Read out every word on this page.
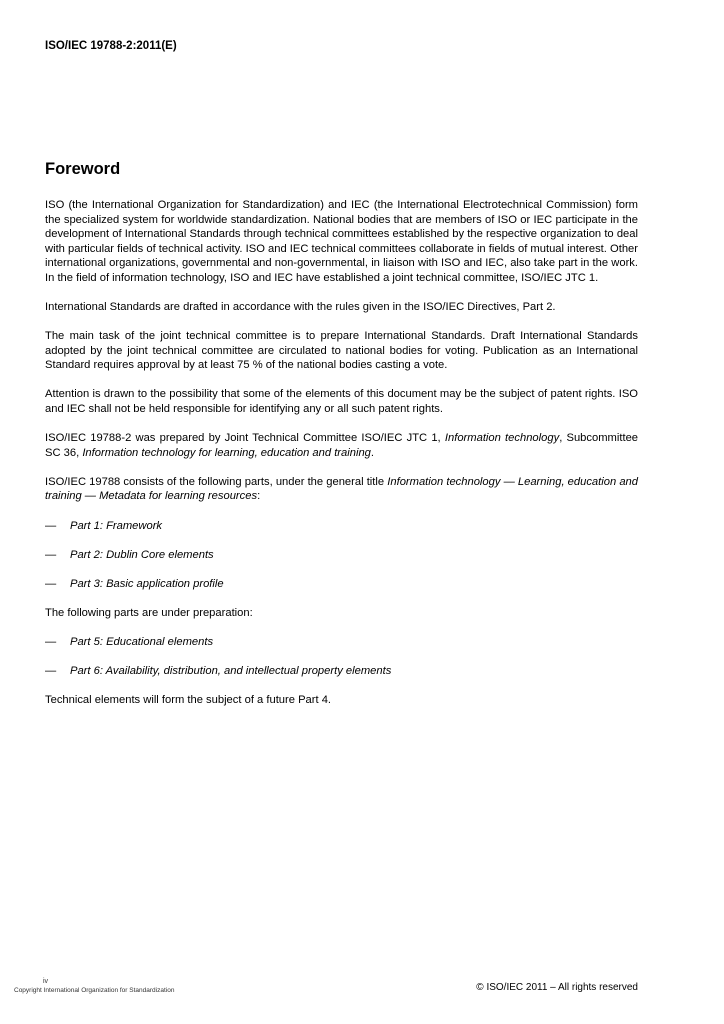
ISO/IEC 19788-2:2011(E)
Foreword

ISO (the International Organization for Standardization) and IEC (the International Electrotechnical Commission) form the specialized system for worldwide standardization. National bodies that are members of ISO or IEC participate in the development of International Standards through technical committees established by the respective organization to deal with particular fields of technical activity. ISO and IEC technical committees collaborate in fields of mutual interest. Other international organizations, governmental and non-governmental, in liaison with ISO and IEC, also take part in the work. In the field of information technology, ISO and IEC have established a joint technical committee, ISO/IEC JTC 1.

International Standards are drafted in accordance with the rules given in the ISO/IEC Directives, Part 2.

The main task of the joint technical committee is to prepare International Standards. Draft International Standards adopted by the joint technical committee are circulated to national bodies for voting. Publication as an International Standard requires approval by at least 75 % of the national bodies casting a vote.

Attention is drawn to the possibility that some of the elements of this document may be the subject of patent rights. ISO and IEC shall not be held responsible for identifying any or all such patent rights.

ISO/IEC 19788-2 was prepared by Joint Technical Committee ISO/IEC JTC 1, Information technology, Subcommittee SC 36, Information technology for learning, education and training.

ISO/IEC 19788 consists of the following parts, under the general title Information technology — Learning, education and training — Metadata for learning resources:

—	Part 1: Framework
—	Part 2: Dublin Core elements
—	Part 3: Basic application profile

The following parts are under preparation:

—	Part 5: Educational elements
—	Part 6: Availability, distribution, and intellectual property elements

Technical elements will form the subject of a future Part 4.

iv
Copyright International Organization for Standardization	© ISO/IEC 2011 – All rights reserved
